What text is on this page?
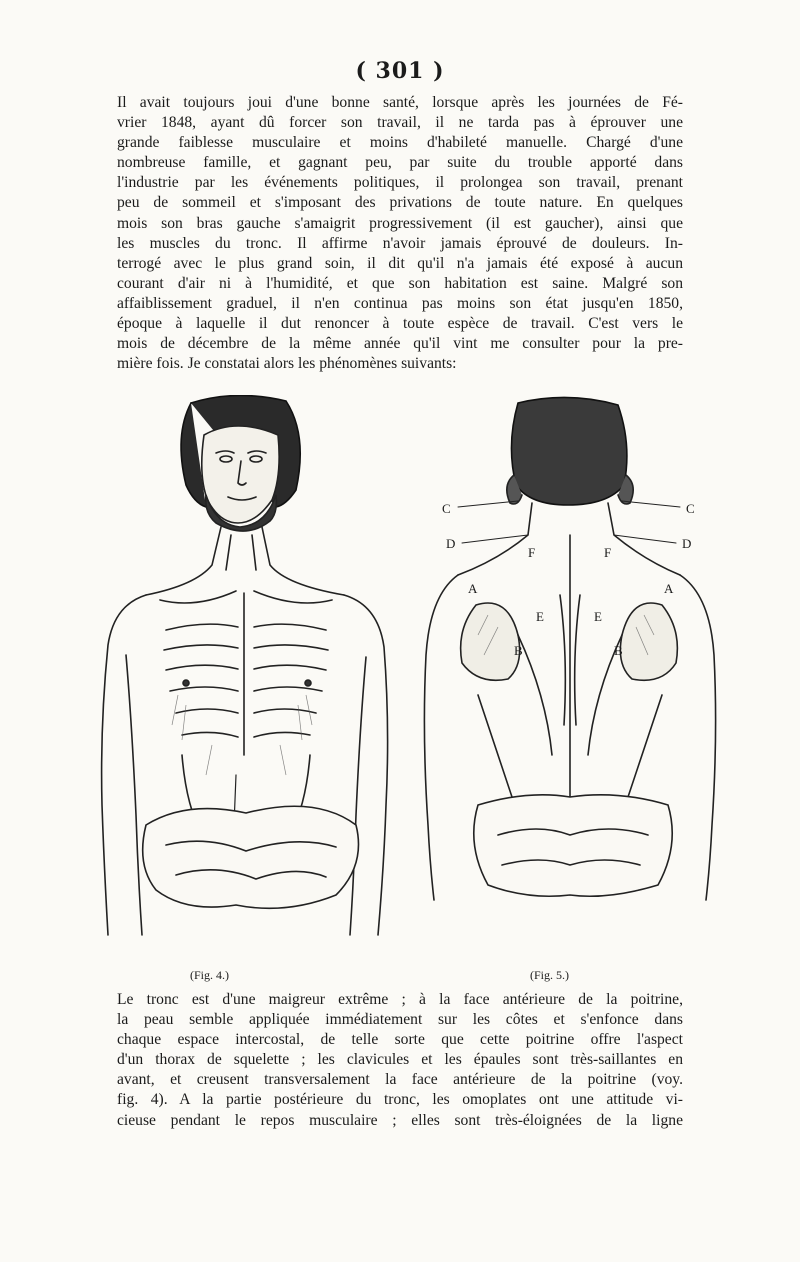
( 301 )

Il avait toujours joui d'une bonne santé, lorsque après les journées de Fé-
vrier 1848, ayant dû forcer son travail, il ne tarda pas à éprouver une
grande faiblesse musculaire et moins d'habileté manuelle. Chargé d'une
nombreuse famille, et gagnant peu, par suite du trouble apporté dans
l'industrie par les événements politiques, il prolongea son travail, prenant
peu de sommeil et s'imposant des privations de toute nature. En quelques
mois son bras gauche s'amaigrit progressivement (il est gaucher), ainsi que
les muscles du tronc. Il affirme n'avoir jamais éprouvé de douleurs. In-
terrogé avec le plus grand soin, il dit qu'il n'a jamais été exposé à aucun
courant d'air ni à l'humidité, et que son habitation est saine. Malgré son
affaiblissement graduel, il n'en continua pas moins son état jusqu'en 1850,
époque à laquelle il dut renoncer à toute espèce de travail. C'est vers le
mois de décembre de la même année qu'il vint me consulter pour la pre-
mière fois. Je constatai alors les phénomènes suivants:

C	C
D	D
F	F
A	A
E	E
B	B
(Fig. 4.)	(Fig. 5.)

Le tronc est d'une maigreur extrême ; à la face antérieure de la poitrine,
la peau semble appliquée immédiatement sur les côtes et s'enfonce dans
chaque espace intercostal, de telle sorte que cette poitrine offre l'aspect
d'un thorax de squelette ; les clavicules et les épaules sont très-saillantes en
avant, et creusent transversalement la face antérieure de la poitrine (voy.
fig. 4). A la partie postérieure du tronc, les omoplates ont une attitude vi-
cieuse pendant le repos musculaire ; elles sont très-éloignées de la ligne
